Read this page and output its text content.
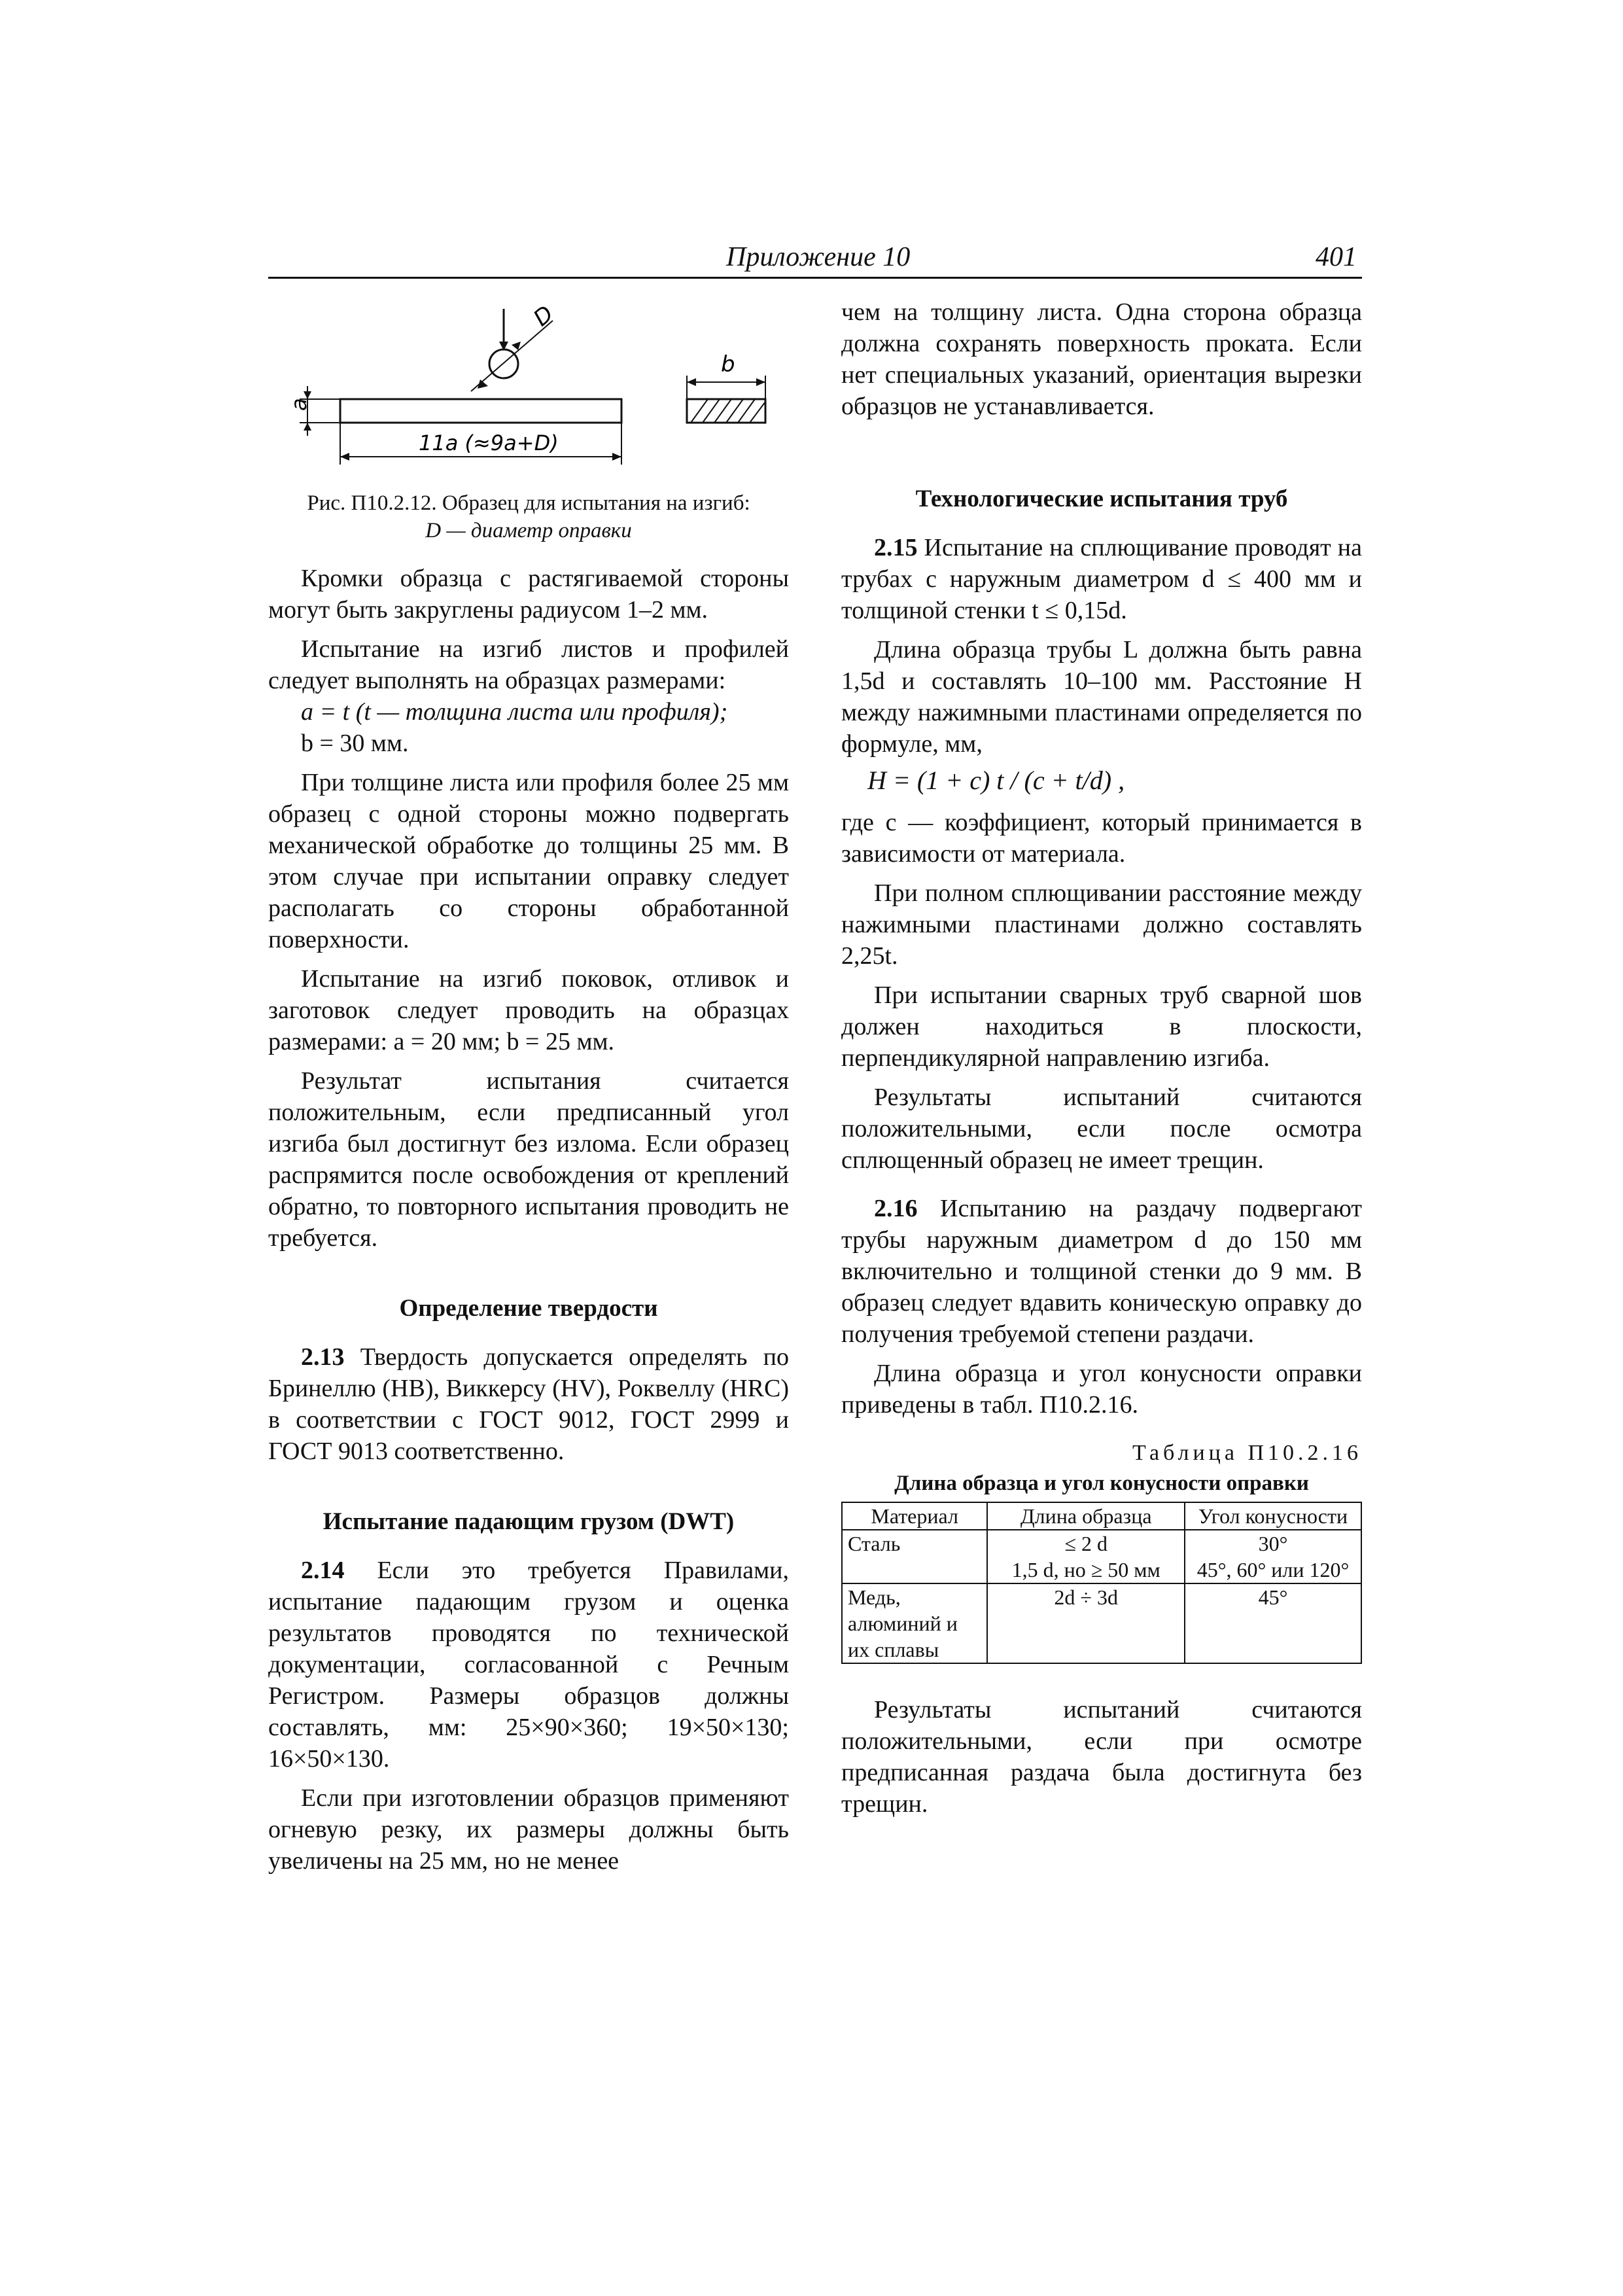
Приложение 10	401
D
a
11a (≈9a+D)
b
Рис. П10.2.12. Образец для испытания на изгиб:
D — диаметр оправки

Кромки образца с растягиваемой стороны могут быть закруглены радиусом 1–2 мм.

Испытание на изгиб листов и профилей следует выполнять на образцах размерами:

a = t (t — толщина листа или профиля);

b = 30 мм.

При толщине листа или профиля более 25 мм образец с одной стороны можно подвергать механической обработке до толщины 25 мм. В этом случае при испытании оправку следует располагать со стороны обработанной поверхности.

Испытание на изгиб поковок, отливок и заготовок следует проводить на образцах размерами: a = 20 мм; b = 25 мм.

Результат испытания считается положительным, если предписанный угол изгиба был достигнут без излома. Если образец распрямится после освобождения от креплений обратно, то повторного испытания проводить не требуется.

Определение твердости

2.13 Твердость допускается определять по Бринеллю (HB), Виккерсу (HV), Роквеллу (HRC) в соответствии с ГОСТ 9012, ГОСТ 2999 и ГОСТ 9013 соответственно.

Испытание падающим грузом (DWT)

2.14 Если это требуется Правилами, испытание падающим грузом и оценка результатов проводятся по технической документации, согласованной с Речным Регистром. Размеры образцов должны составлять, мм: 25×90×360; 19×50×130; 16×50×130.

Если при изготовлении образцов применяют огневую резку, их размеры должны быть увеличены на 25 мм, но не менее

чем на толщину листа. Одна сторона образца должна сохранять поверхность проката. Если нет специальных указаний, ориентация вырезки образцов не устанавливается.

Технологические испытания труб

2.15 Испытание на сплющивание проводят на трубах с наружным диаметром d ≤ 400 мм и толщиной стенки t ≤ 0,15d.

Длина образца трубы L должна быть равна 1,5d и составлять 10–100 мм. Расстояние H между нажимными пластинами определяется по формуле, мм,

H = (1 + c) t / (c + t/d) ,

где c — коэффициент, который принимается в зависимости от материала.

При полном сплющивании расстояние между нажимными пластинами должно составлять 2,25t.

При испытании сварных труб сварной шов должен находиться в плоскости, перпендикулярной направлению изгиба.

Результаты испытаний считаются положительными, если после осмотра сплющенный образец не имеет трещин.

2.16 Испытанию на раздачу подвергают трубы наружным диаметром d до 150 мм включительно и толщиной стенки до 9 мм. В образец следует вдавить коническую оправку до получения требуемой степени раздачи.

Длина образца и угол конусности оправки приведены в табл. П10.2.16.

Таблица П10.2.16
Длина образца и угол конусности оправки
Материал	Длина образца	Угол конусности
Сталь	≤ 2 d	30°
	1,5 d, но ≥ 50 мм	45°, 60° или 120°
Медь, алюминий и их сплавы	2d ÷ 3d	45°

Результаты испытаний считаются положительными, если при осмотре предписанная раздача была достигнута без трещин.
